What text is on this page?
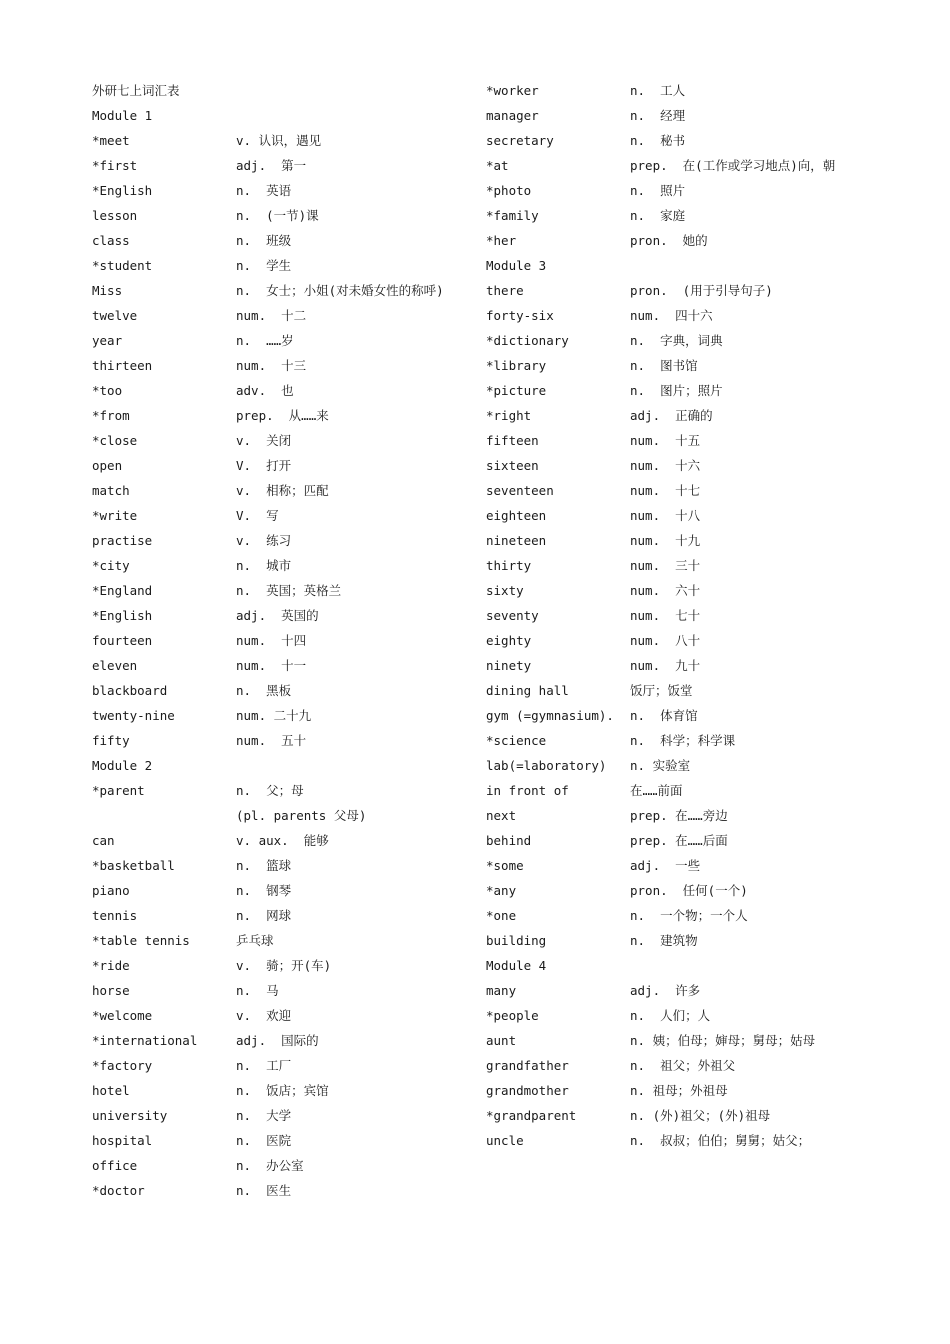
外研七上词汇表
Module 1
*meet	v. 认识，遇见
*first	adj.  第一
*English	n.  英语
lesson	n.  (一节)课
class	n.  班级
*student	n.  学生
Miss	n.  女士；小姐(对未婚女性的称呼)
twelve	num.  十二
year	n.  ……岁
thirteen	num.  十三
*too	adv.  也
*from	prep.  从……来
*close	v.  关闭
open	V.  打开
match	v.  相称；匹配
*write	V.  写
practise	v.  练习
*city	n.  城市
*England	n.  英国；英格兰
*English	adj.  英国的
fourteen	num.  十四
eleven	num.  十一
blackboard	n.  黑板
twenty-nine	num. 二十九
fifty	num.  五十
Module 2
*parent	n.  父；母
(pl. parents 父母)
can	v. aux.  能够
*basketball	n.  篮球
piano	n.  钢琴
tennis	n.  网球
*table tennis	乒乓球
*ride	v.  骑；开(车)
horse	n.  马
*welcome	v.  欢迎
*international	adj.  国际的
*factory	n.  工厂
hotel	n.  饭店；宾馆
university	n.  大学
hospital	n.  医院
office	n.  办公室
*doctor	n.  医生
*worker	n.  工人
manager	n.  经理
secretary	n.  秘书
*at	prep.  在(工作或学习地点)向，朝
*photo	n.  照片
*family	n.  家庭
*her	pron.  她的
Module 3
there	pron.  (用于引导句子)
forty-six	num.  四十六
*dictionary	n.  字典，词典
*library	n.  图书馆
*picture	n.  图片；照片
*right	adj.  正确的
fifteen	num.  十五
sixteen	num.  十六
seventeen	num.  十七
eighteen	num.  十八
nineteen	num.  十九
thirty	num.  三十
sixty	num.  六十
seventy	num.  七十
eighty	num.  八十
ninety	num.  九十
dining hall	饭厅；饭堂
gym (=gymnasium).	n.  体育馆
*science	n.  科学；科学课
lab(=laboratory)	n. 实验室
in front of	在……前面
next	prep. 在……旁边
behind	prep. 在……后面
*some	adj.  一些
*any	pron.  任何(一个)
*one	n.  一个物；一个人
building	n.  建筑物
Module 4
many	adj.  许多
*people	n.  人们；人
aunt	n. 姨；伯母；婶母；舅母；姑母
grandfather	n.  祖父；外祖父
grandmother	n. 祖母；外祖母
*grandparent	n. (外)祖父；(外)祖母
uncle	n.  叔叔；伯伯；舅舅；姑父；
